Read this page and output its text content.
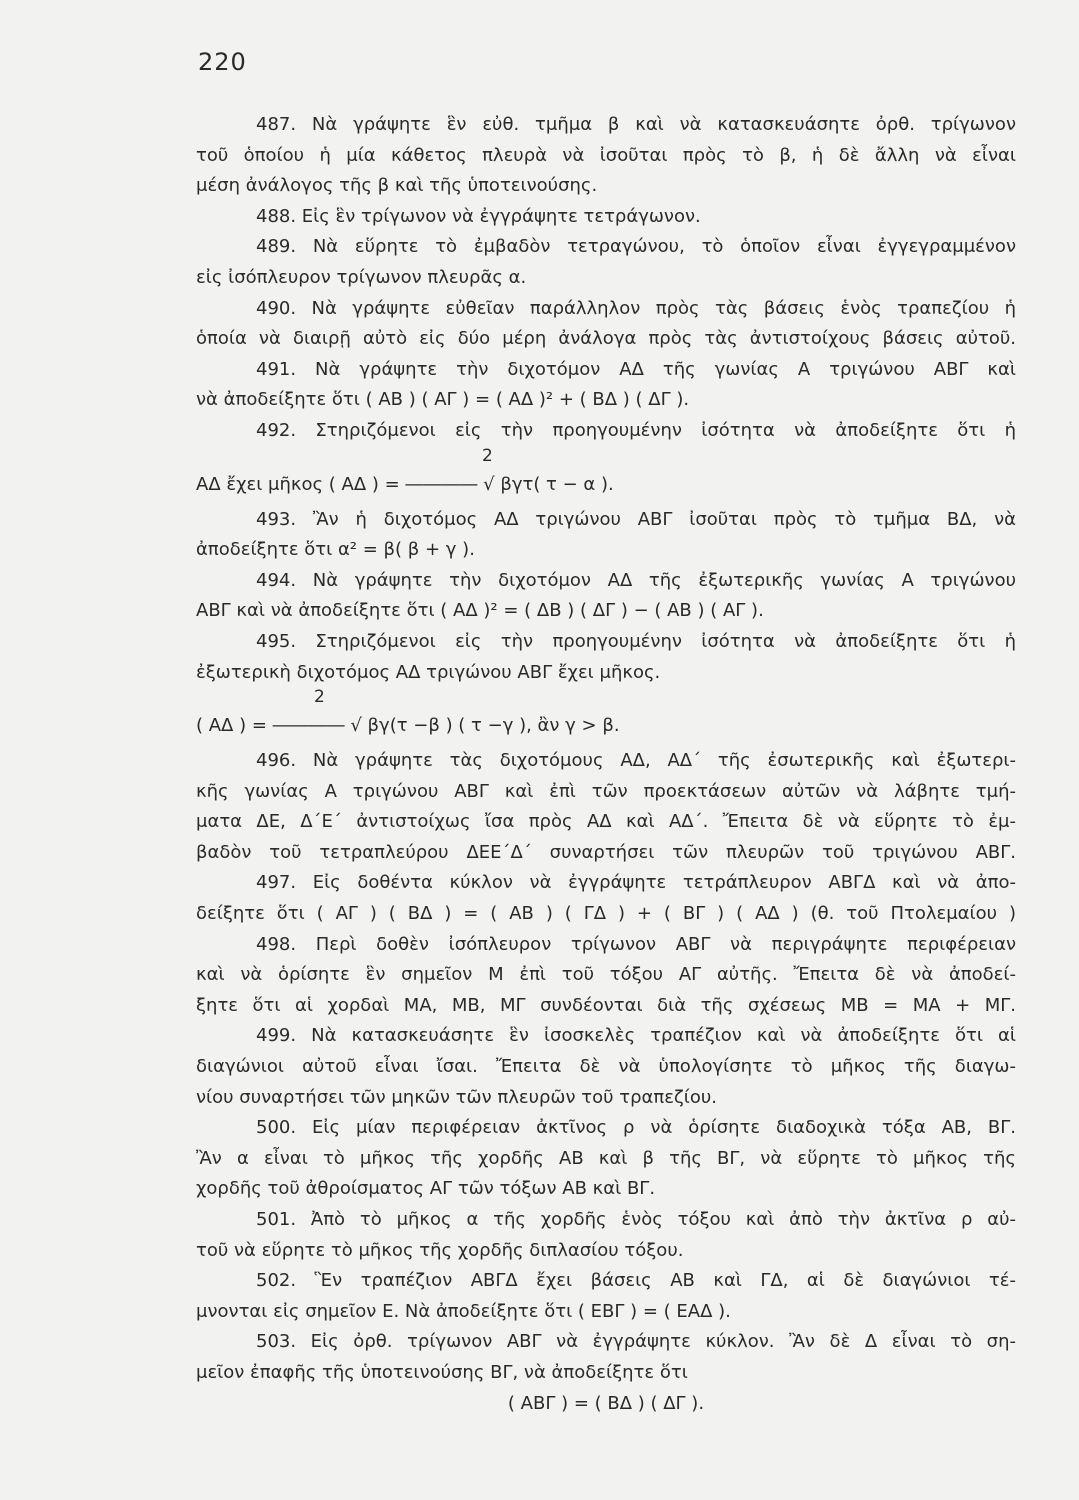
220
487. Νὰ γράψητε ἓν εὐθ. τμῆμα β καὶ νὰ κατασκευάσητε ὀρθ. τρίγωνον
τοῦ ὁποίου ἡ μία κάθετος πλευρὰ νὰ ἰσοῦται πρὸς τὸ β, ἡ δὲ ἄλλη νὰ εἶναι
μέση ἀνάλογος τῆς β καὶ τῆς ὑποτεινούσης.
488. Εἰς ἓν τρίγωνον νὰ ἐγγράψητε τετράγωνον.
489. Νὰ εὕρητε τὸ ἐμβαδὸν τετραγώνου, τὸ ὁποῖον εἶναι ἐγγεγραμμένον
εἰς ἰσόπλευρον τρίγωνον πλευρᾶς α.
490. Νὰ γράψητε εὐθεῖαν παράλληλον πρὸς τὰς βάσεις ἑνὸς τραπεζίου ἡ
ὁποία νὰ διαιρῇ αὐτὸ εἰς δύο μέρη ἀνάλογα πρὸς τὰς ἀντιστοίχους βάσεις αὐτοῦ.
491. Νὰ γράψητε τὴν διχοτόμον ΑΔ τῆς γωνίας Α τριγώνου ΑΒΓ καὶ
νὰ ἀποδείξητε ὅτι ( ΑΒ ) ( ΑΓ ) = ( ΑΔ )² + ( ΒΔ ) ( ΔΓ ).
492. Στηριζόμενοι εἰς τὴν προηγουμένην ἰσότητα νὰ ἀποδείξητε ὅτι ἡ
2
ΑΔ ἔχει μῆκος ( ΑΔ ) = ―――― √ βγτ( τ − α ).
493. Ἂν ἡ διχοτόμος ΑΔ τριγώνου ΑΒΓ ἰσοῦται πρὸς τὸ τμῆμα ΒΔ, νὰ
ἀποδείξητε ὅτι α² = β( β + γ ).
494. Νὰ γράψητε τὴν διχοτόμον ΑΔ τῆς ἐξωτερικῆς γωνίας Α τριγώνου
ΑΒΓ καὶ νὰ ἀποδείξητε ὅτι ( ΑΔ )² = ( ΔΒ ) ( ΔΓ ) − ( ΑΒ ) ( ΑΓ ).
495. Στηριζόμενοι εἰς τὴν προηγουμένην ἰσότητα νὰ ἀποδείξητε ὅτι ἡ
ἐξωτερικὴ διχοτόμος ΑΔ τριγώνου ΑΒΓ ἔχει μῆκος.
2
( ΑΔ ) = ―――― √ βγ(τ −β ) ( τ −γ ), ἂν γ > β.
496. Νὰ γράψητε τὰς διχοτόμους ΑΔ, ΑΔ΄ τῆς ἐσωτερικῆς καὶ ἐξωτερι-
κῆς γωνίας Α τριγώνου ΑΒΓ καὶ ἐπὶ τῶν προεκτάσεων αὐτῶν νὰ λάβητε τμή-
ματα ΔΕ, Δ΄Ε΄ ἀντιστοίχως ἴσα πρὸς ΑΔ καὶ ΑΔ΄. Ἔπειτα δὲ νὰ εὕρητε τὸ ἐμ-
βαδὸν τοῦ τετραπλεύρου ΔΕΕ΄Δ΄ συναρτήσει τῶν πλευρῶν τοῦ τριγώνου ΑΒΓ.
497. Εἰς δοθέντα κύκλον νὰ ἐγγράψητε τετράπλευρον ΑΒΓΔ καὶ νὰ ἀπο-
δείξητε ὅτι ( ΑΓ ) ( ΒΔ ) = ( ΑΒ ) ( ΓΔ ) + ( ΒΓ ) ( ΑΔ ) (θ. τοῦ Πτολεμαίου )
498. Περὶ δοθὲν ἰσόπλευρον τρίγωνον ΑΒΓ νὰ περιγράψητε περιφέρειαν
καὶ νὰ ὁρίσητε ἓν σημεῖον Μ ἐπὶ τοῦ τόξου ΑΓ αὐτῆς. Ἔπειτα δὲ νὰ ἀποδεί-
ξητε ὅτι αἱ χορδαὶ ΜΑ, ΜΒ, ΜΓ συνδέονται διὰ τῆς σχέσεως ΜΒ = ΜΑ + ΜΓ.
499. Νὰ κατασκευάσητε ἓν ἰσοσκελὲς τραπέζιον καὶ νὰ ἀποδείξητε ὅτι αἱ
διαγώνιοι αὐτοῦ εἶναι ἴσαι. Ἔπειτα δὲ νὰ ὑπολογίσητε τὸ μῆκος τῆς διαγω-
νίου συναρτήσει τῶν μηκῶν τῶν πλευρῶν τοῦ τραπεζίου.
500. Εἰς μίαν περιφέρειαν ἀκτῖνος ρ νὰ ὁρίσητε διαδοχικὰ τόξα ΑΒ, ΒΓ.
Ἂν α εἶναι τὸ μῆκος τῆς χορδῆς ΑΒ καὶ β τῆς ΒΓ, νὰ εὕρητε τὸ μῆκος τῆς
χορδῆς τοῦ ἀθροίσματος ΑΓ τῶν τόξων ΑΒ καὶ ΒΓ.
501. Ἀπὸ τὸ μῆκος α τῆς χορδῆς ἑνὸς τόξου καὶ ἀπὸ τὴν ἀκτῖνα ρ αὐ-
τοῦ νὰ εὕρητε τὸ μῆκος τῆς χορδῆς διπλασίου τόξου.
502. Ἓν τραπέζιον ΑΒΓΔ ἔχει βάσεις ΑΒ καὶ ΓΔ, αἱ δὲ διαγώνιοι τέ-
μνονται εἰς σημεῖον Ε. Νὰ ἀποδείξητε ὅτι ( ΕΒΓ ) = ( ΕΑΔ ).
503. Εἰς ὀρθ. τρίγωνον ΑΒΓ νὰ ἐγγράψητε κύκλον. Ἂν δὲ Δ εἶναι τὸ ση-
μεῖον ἐπαφῆς τῆς ὑποτεινούσης ΒΓ, νὰ ἀποδείξητε ὅτι
( ΑΒΓ ) = ( ΒΔ ) ( ΔΓ ).
